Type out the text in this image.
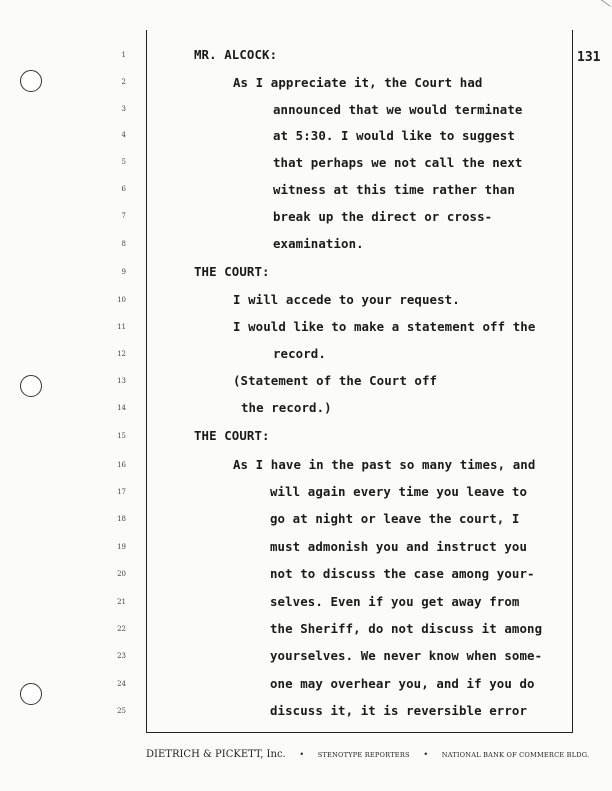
131
1
2
3
4
5
6
7
8
9
10
11
12
13
14
15
16
17
18
19
20
21
22
23
24
25
MR. ALCOCK:
As I appreciate it, the Court had
announced that we would terminate
at 5:30. I would like to suggest
that perhaps we not call the next
witness at this time rather than
break up the direct or cross-
examination.
THE COURT:
I will accede to your request.
I would like to make a statement off the
record.
(Statement of the Court off
the record.)
THE COURT:
As I have in the past so many times, and
will again every time you leave to
go at night or leave the court, I
must admonish you and instruct you
not to discuss the case among your-
selves. Even if you get away from
the Sheriff, do not discuss it among
yourselves. We never know when some-
one may overhear you, and if you do
discuss it, it is reversible error
DIETRICH & PICKETT, Inc. • STENOTYPE REPORTERS • NATIONAL BANK OF COMMERCE BLDG.
